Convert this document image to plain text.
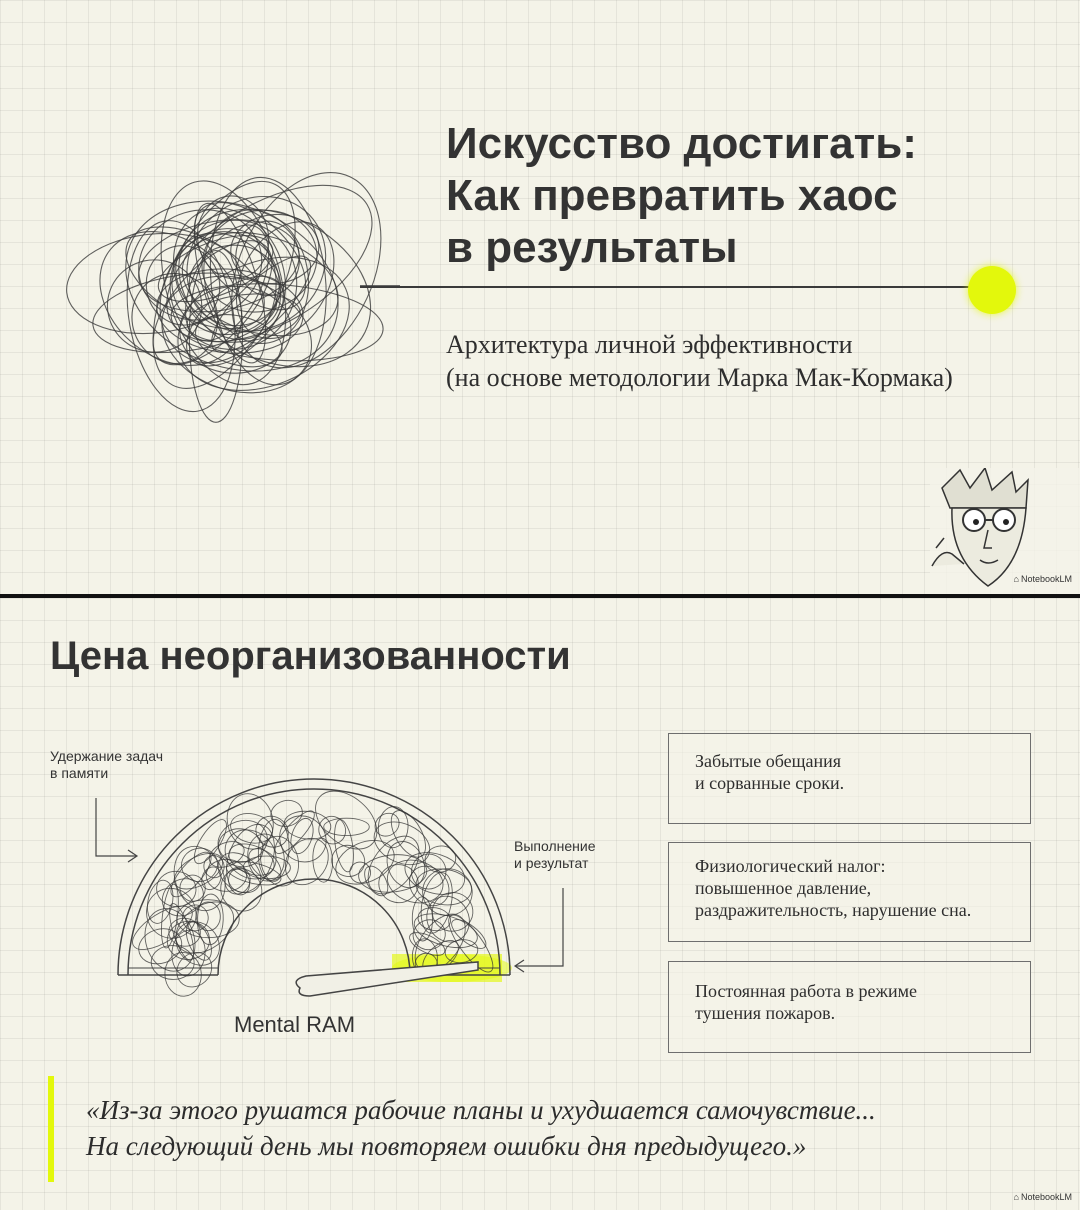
Искусство достигать:
Как превратить хаос
в результаты
Архитектура личной эффективности
(на основе методологии Марка Мак-Кормака)
⌂ NotebookLM
Цена неорганизованности
Удержание задач
в памяти
Выполнение
и результат
Mental RAM
Забытые обещания
и сорванные сроки.
Физиологический налог:
повышенное давление,
раздражительность, нарушение сна.
Постоянная работа в режиме
тушения пожаров.
«Из-за этого рушатся рабочие планы и ухудшается самочувствие...
На следующий день мы повторяем ошибки дня предыдущего.»
⌂ NotebookLM
